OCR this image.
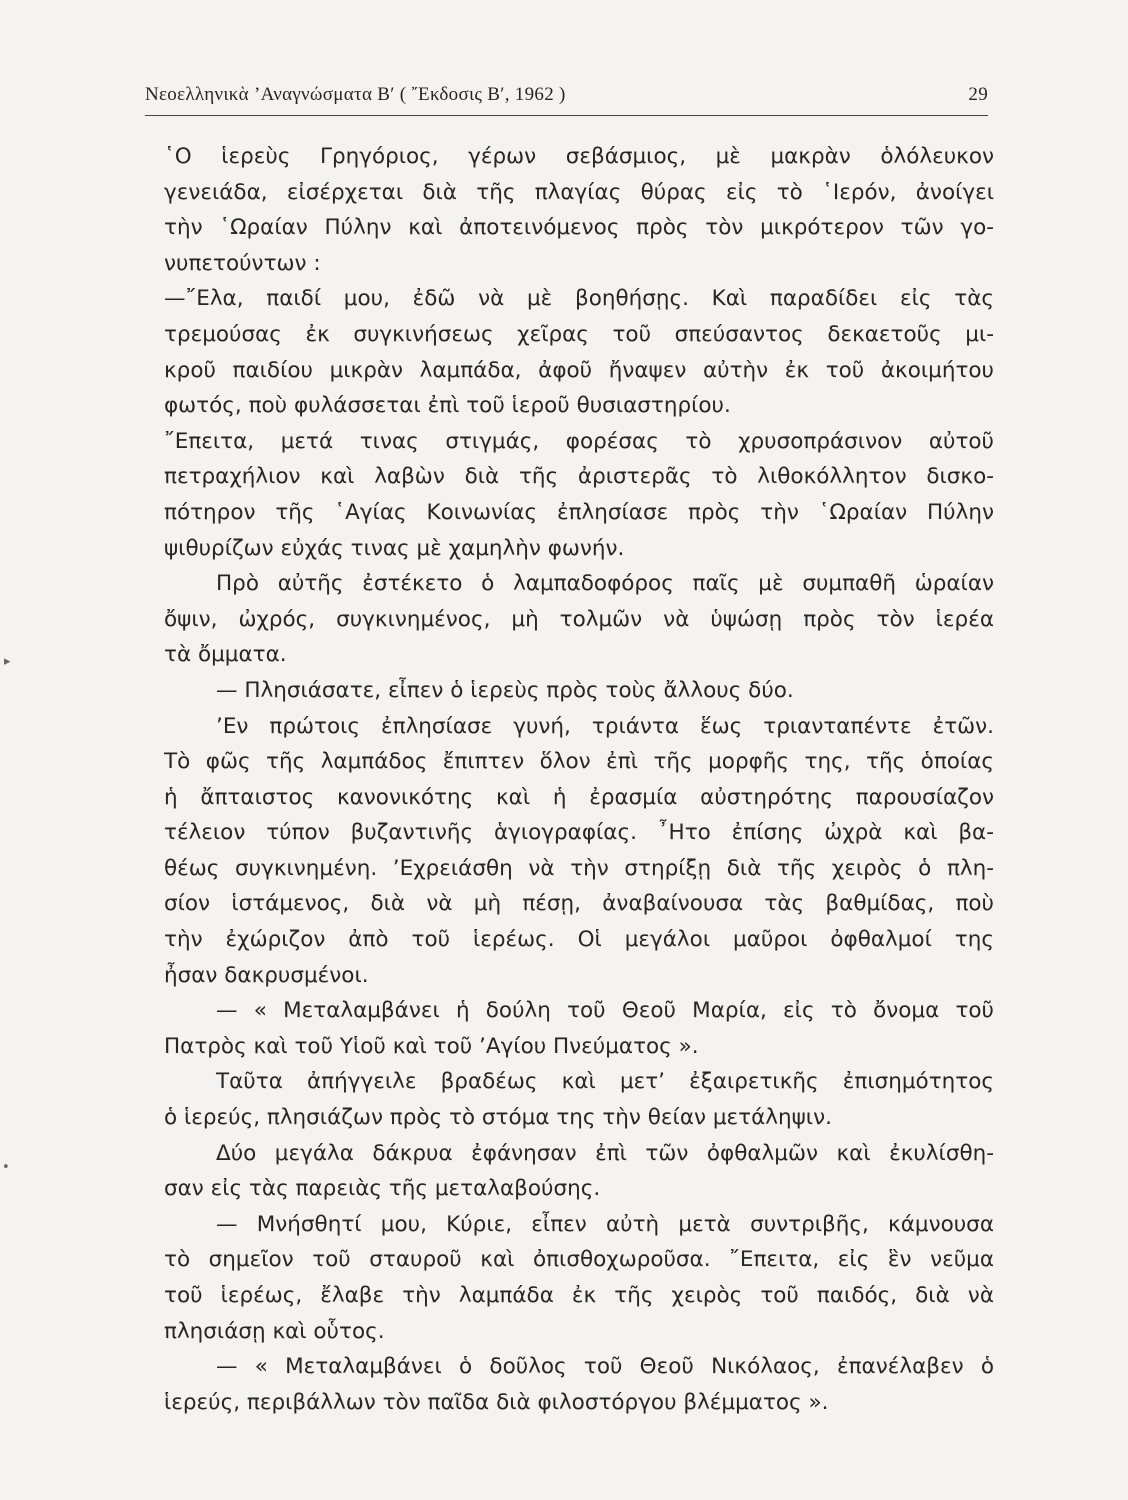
Νεοελληνικὰ ’Αναγνώσματα Β′ ( ῎Εκδοσις Β′, 1962 )	29
῾Ο ἱερεὺς Γρηγόριος, γέρων σεβάσμιος, μὲ μακρὰν ὁλόλευκον
γενειάδα, εἰσέρχεται διὰ τῆς πλαγίας θύρας εἰς τὸ ῾Ιερόν, ἀνοίγει
τὴν ῾Ωραίαν Πύλην καὶ ἀποτεινόμενος πρὸς τὸν μικρότερον τῶν γο-
νυπετούντων :
—῎Ελα, παιδί μου, ἐδῶ νὰ μὲ βοηθήσῃς. Καὶ παραδίδει εἰς τὰς
τρεμούσας ἐκ συγκινήσεως χεῖρας τοῦ σπεύσαντος δεκαετοῦς μι-
κροῦ παιδίου μικρὰν λαμπάδα, ἀφοῦ ἤναψεν αὐτὴν ἐκ τοῦ ἀκοιμήτου
φωτός, ποὺ φυλάσσεται ἐπὶ τοῦ ἱεροῦ θυσιαστηρίου.
῎Επειτα, μετά τινας στιγμάς, φορέσας τὸ χρυσοπράσινον αὐτοῦ
πετραχήλιον καὶ λαβὼν διὰ τῆς ἀριστερᾶς τὸ λιθοκόλλητον δισκο-
πότηρον τῆς ῾Αγίας Κοινωνίας ἐπλησίασε πρὸς τὴν ῾Ωραίαν Πύλην
ψιθυρίζων εὐχάς τινας μὲ χαμηλὴν φωνήν.
Πρὸ αὐτῆς ἐστέκετο ὁ λαμπαδοφόρος παῖς μὲ συμπαθῆ ὡραίαν
ὄψιν, ὠχρός, συγκινημένος, μὴ τολμῶν νὰ ὑψώσῃ πρὸς τὸν ἱερέα
τὰ ὄμματα.
— Πλησιάσατε, εἶπεν ὁ ἱερεὺς πρὸς τοὺς ἄλλους δύο.
’Εν πρώτοις ἐπλησίασε γυνή, τριάντα ἕως τριανταπέντε ἐτῶν.
Τὸ φῶς τῆς λαμπάδος ἔπιπτεν ὅλον ἐπὶ τῆς μορφῆς της, τῆς ὁποίας
ἡ ἄπταιστος κανονικότης καὶ ἡ ἐρασμία αὐστηρότης παρουσίαζον
τέλειον τύπον βυζαντινῆς ἁγιογραφίας. ῏Ητο ἐπίσης ὠχρὰ καὶ βα-
θέως συγκινημένη. ’Εχρειάσθη νὰ τὴν στηρίξῃ διὰ τῆς χειρὸς ὁ πλη-
σίον ἱστάμενος, διὰ νὰ μὴ πέσῃ, ἀναβαίνουσα τὰς βαθμίδας, ποὺ
τὴν ἐχώριζον ἀπὸ τοῦ ἱερέως. Οἱ μεγάλοι μαῦροι ὀφθαλμοί της
ἦσαν δακρυσμένοι.
— « Μεταλαμβάνει ἡ δούλη τοῦ Θεοῦ Μαρία, εἰς τὸ ὄνομα τοῦ
Πατρὸς καὶ τοῦ Υἱοῦ καὶ τοῦ ’Αγίου Πνεύματος ».
Ταῦτα ἀπήγγειλε βραδέως καὶ μετ’ ἐξαιρετικῆς ἐπισημότητος
ὁ ἱερεύς, πλησιάζων πρὸς τὸ στόμα της τὴν θείαν μετάληψιν.
Δύο μεγάλα δάκρυα ἐφάνησαν ἐπὶ τῶν ὀφθαλμῶν καὶ ἐκυλίσθη-
σαν εἰς τὰς παρειὰς τῆς μεταλαβούσης.
— Μνήσθητί μου, Κύριε, εἶπεν αὐτὴ μετὰ συντριβῆς, κάμνουσα
τὸ σημεῖον τοῦ σταυροῦ καὶ ὀπισθοχωροῦσα. ῎Επειτα, εἰς ἓν νεῦμα
τοῦ ἱερέως, ἔλαβε τὴν λαμπάδα ἐκ τῆς χειρὸς τοῦ παιδός, διὰ νὰ
πλησιάσῃ καὶ οὗτος.
— « Μεταλαμβάνει ὁ δοῦλος τοῦ Θεοῦ Νικόλαος, ἐπανέλαβεν ὁ
ἱερεύς, περιβάλλων τὸν παῖδα διὰ φιλοστόργου βλέμματος ».
▸
•
